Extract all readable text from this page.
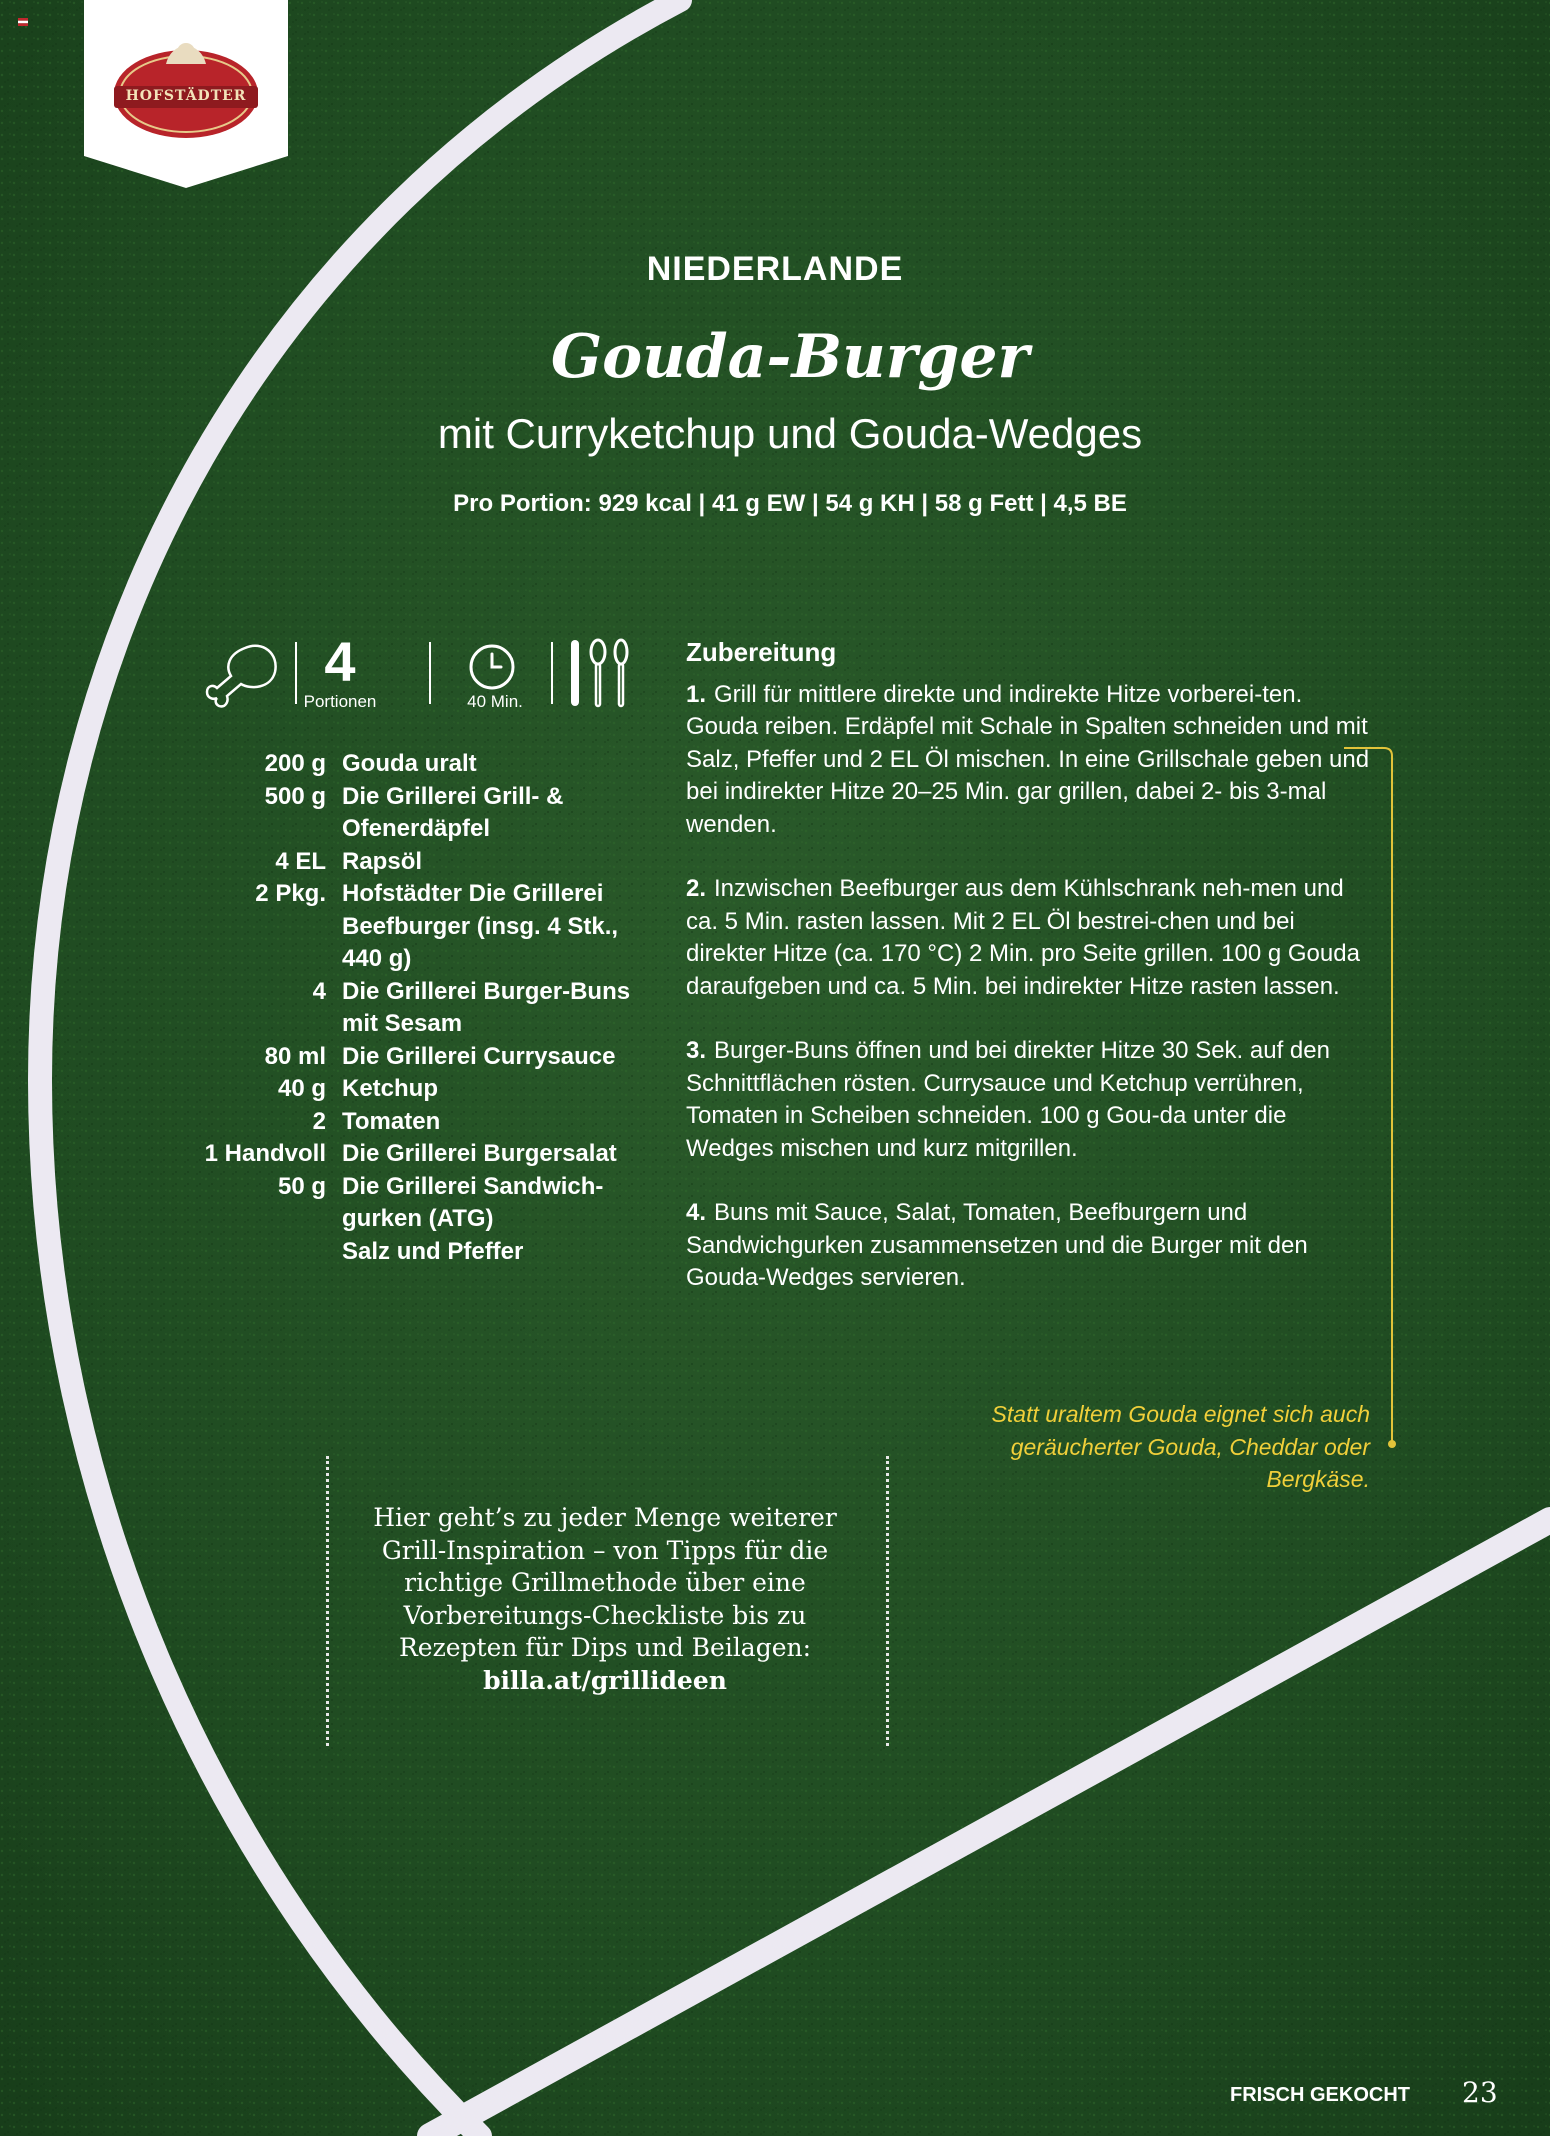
HOFSTÄDTER
NIEDERLANDE
Gouda-Burger
mit Curryketchup und Gouda-Wedges
Pro Portion: 929 kcal | 41 g EW | 54 g KH | 58 g Fett | 4,5 BE
4
Portionen	40 Min.
200 g Gouda uralt
500 g Die Grillerei Grill- & Ofenerdäpfel
4 EL Rapsöl
2 Pkg. Hofstädter Die Grillerei Beefburger (insg. 4 Stk., 440 g)
4 Die Grillerei Burger-Buns mit Sesam
80 ml Die Grillerei Currysauce
40 g Ketchup
2 Tomaten
1 Handvoll Die Grillerei Burgersalat
50 g Die Grillerei Sandwich-gurken (ATG)
Salz und Pfeffer
Zubereitung
1. Grill für mittlere direkte und indirekte Hitze vorberei-ten. Gouda reiben. Erdäpfel mit Schale in Spalten schneiden und mit Salz, Pfeffer und 2 EL Öl mischen. In eine Grillschale geben und bei indirekter Hitze 20–25 Min. gar grillen, dabei 2- bis 3-mal wenden.
2. Inzwischen Beefburger aus dem Kühlschrank neh-men und ca. 5 Min. rasten lassen. Mit 2 EL Öl bestrei-chen und bei direkter Hitze (ca. 170 °C) 2 Min. pro Seite grillen. 100 g Gouda daraufgeben und ca. 5 Min. bei indirekter Hitze rasten lassen.
3. Burger-Buns öffnen und bei direkter Hitze 30 Sek. auf den Schnittflächen rösten. Currysauce und Ketchup verrühren, Tomaten in Scheiben schneiden. 100 g Gou-da unter die Wedges mischen und kurz mitgrillen.
4. Buns mit Sauce, Salat, Tomaten, Beefburgern und Sandwichgurken zusammensetzen und die Burger mit den Gouda-Wedges servieren.
Statt uraltem Gouda eignet sich auch geräucherter Gouda, Cheddar oder Bergkäse.
Hier geht’s zu jeder Menge weiterer Grill-Inspiration – von Tipps für die richtige Grillmethode über eine Vorbereitungs-Checkliste bis zu Rezepten für Dips und Beilagen:
billa.at/grillideen
FRISCH GEKOCHT 23
